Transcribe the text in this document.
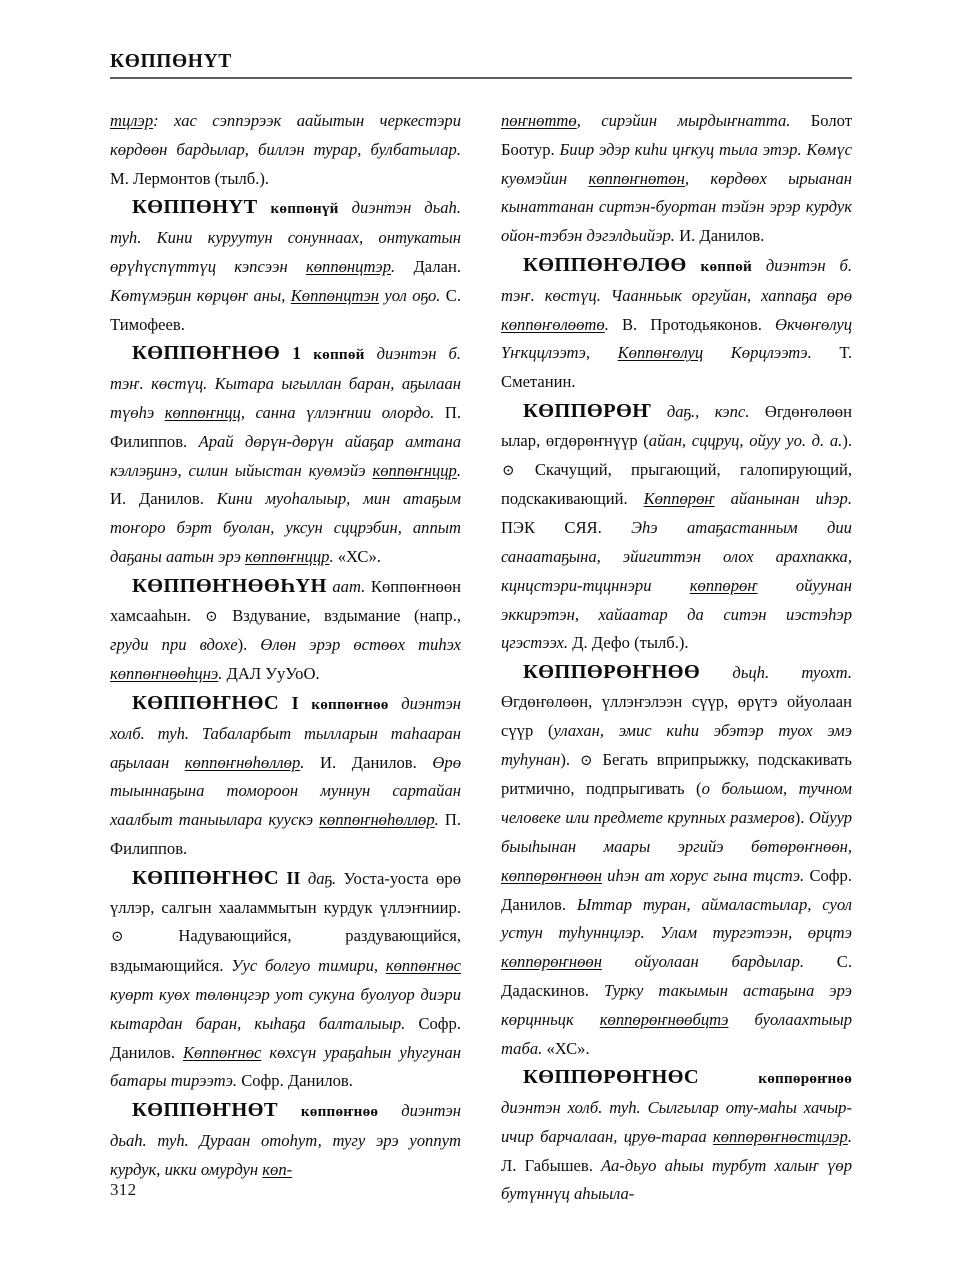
КӨППӨНҮТ

тцлэр: хас сэппэрээк аайытын черкестэри көрдөөн бардылар, биллэн турар, булбатылар. М. Лермонтов (тылб.).

КӨППӨНҮТ көппөнүй диэнтэн дьаһ. туһ. Кини куруутун сонуннаах, онтукатын өрүһүспүттүц кэпсээн көппөнцтэр. Далан. Көтүмэҕин көрцөҥ аны, Көппөнцтэн уол оҕо. С. Тимофеев.

КӨППӨҤНӨӨ 1 көппөй диэнтэн б. тэҥ. көстүц. Кытара ыгыллан баран, аҕылаан түөһэ көппөҥнцц, санна үллэҥнии олордо. П. Филиппов. Арай дөрүн-дөрүн айаҕар амтана кэллэҕинэ, силин ыйыстан куөмэйэ көппөҥнццр. И. Данилов. Кини муоһалыыр, мин атаҕым тоҥоро бэрт буолан, уксун сццрэбин, аппыт даҕаны аатын эрэ көппөҥнццр. «ХС».

КӨППӨҤНӨӨҺҮН аат. Көппөҥнөөн хамсааһын. ⊙ Вздувание, вздымание (напр., груди при вдохе). Өлөн эрэр өстөөх тиһэх көппөҥнөөһцнэ. ДАЛ УуУоО.

КӨППӨҤНӨС I көппөҥнөө диэнтэн холб. туһ. Табаларбыт тылларын таһааран аҕылаан көппөҥнөһөллөр. И. Данилов. Өрө тыыннаҕына томороон муннун сартайан хаалбыт таныылара куускэ көппөҥнөһөллөр. П. Филиппов.

КӨППӨҤНӨС II даҕ. Уоста-уоста өрө үллэр, салгын хааламмытын курдук үллэҥниир. ⊙ Надувающийся, раздувающийся, вздымающийся. Уус болгуо тимири, көппөҥнөс куөрт куөх төлөнцгэр уот сукуна буолуор диэри кытардан баран, кыһаҕа балталыыр. Софр. Данилов. Көппөҥнөс көхсүн ураҕаһын уһугунан батары тирээтэ. Софр. Данилов.

КӨППӨҤНӨТ көппөҥнөө диэнтэн дьаһ. туһ. Дураан отоһут, тугу эрэ уоппут курдук, икки омурдун көп-

пөҥнөттө, сирэйин мырдыҥнатта. Болот Боотур. Биир эдэр киһи цҥкуц тыла этэр. Көмүс куөмэйин көппөҥнөтөн, көрдөөх ырыанан кынаттанан сиртэн-буортан тэйэн эрэр курдук ойон-тэбэн дэгэлдьийэр. И. Данилов.

КӨППӨҤӨЛӨӨ көппөй диэнтэн б. тэҥ. көстүц. Чаанньык оргуйан, хаппаҕа өрө көппөҥөлөөтө. В. Протодьяконов. Өкчөҥөлуц Үҥкццлээтэ, Көппөҥөлуц Көрцлээтэ. Т. Сметанин.

КӨППӨРӨҤ даҕ., кэпс. Өгдөҥөлөөн ылар, өгдөрөҥнүүр (айан, сццруц, ойуу уо. д. а.). ⊙ Скачущий, прыгающий, галопирующий, подскакивающий. Көппөрөҥ айанынан иһэр. ПЭК СЯЯ. Эһэ атаҕастанным дии санаатаҕына, эйигиттэн олох арахпакка, кцнцстэри-тццннэри көппөрөҥ ойуунан эккирэтэн, хайаатар да ситэн иэстэһэр цгэстээх. Д. Дефо (тылб.).

КӨППӨРӨҤНӨӨ дьцһ. туохт. Өгдөҥөлөөн, үллэҥэлээн сүүр, өрүтэ ойуолаан сүүр (улахан, эмис киһи эбэтэр туох эмэ туһунан). ⊙ Бегать вприпрыжку, подскакивать ритмично, подпрыгивать (о большом, тучном человеке или предмете крупных размеров). Ойуур быыһынан маары эргийэ бөтөрөҥнөөн, көппөрөҥнөөн иһэн ат хорус гына тцстэ. Софр. Данилов. Ыттар туран, аймаластылар, суол устун туһуннцлэр. Улам тургэтээн, өрцтэ көппөрөҥнөөн ойуолаан бардылар. С. Дадаскинов. Турку такымын астаҕына эрэ көрцнньцк көппөрөҥнөөбцтэ буолаахтыыр таба. «ХС».

КӨППӨРӨҤНӨС	көппөрөҥнөө диэнтэн холб. туһ. Сылгылар оту-маһы хачыр-ичир барчалаан, цруө-тараа көппөрөҥнөстцлэр. Л. Габышев. Аа-дьуо аһыы турбут халыҥ үөр бутүннүц аһыыла-

312
